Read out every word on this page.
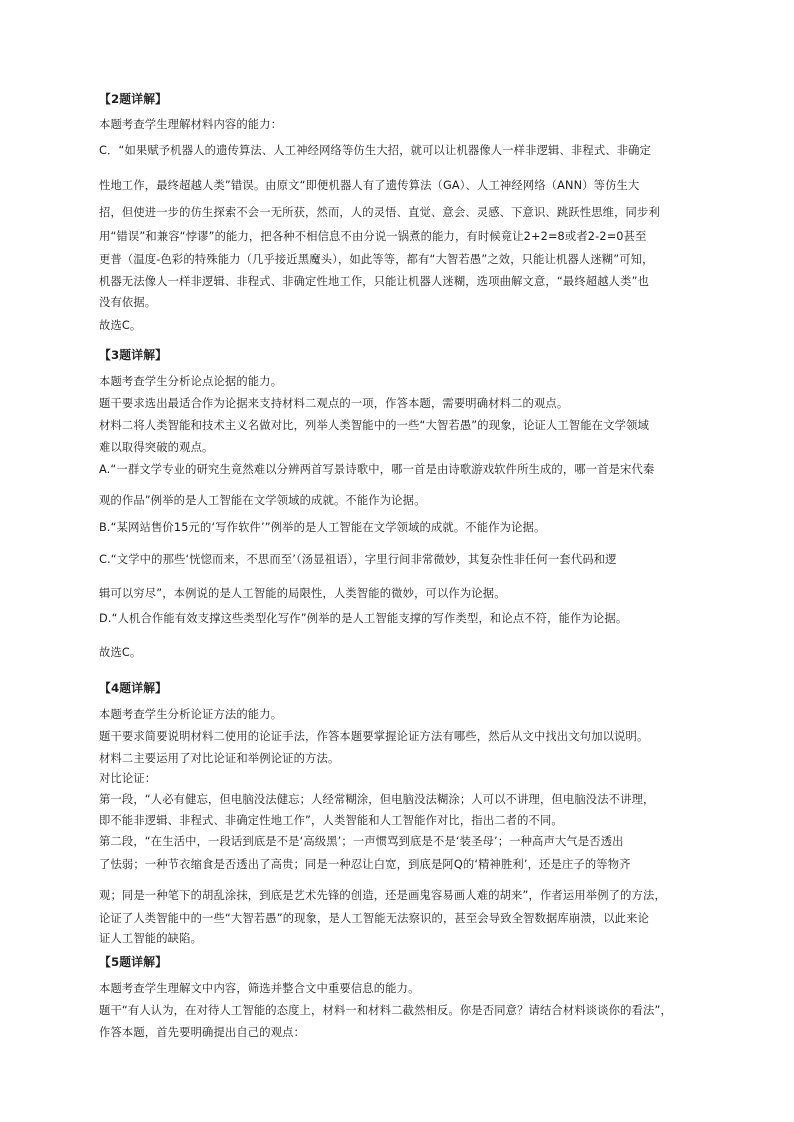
【2题详解】

本题考查学生理解材料内容的能力：

C．“如果赋予机器人的遗传算法、人工神经网络等仿生大招，就可以让机器像人一样非逻辑、非程式、非确定

性地工作，最终超越人类”错误。由原文“即便机器人有了遗传算法（GA）、人工神经网络（ANN）等仿生大

招，但使进一步的仿生探索不会一无所获，然而，人的灵悟、直觉、意会、灵感、下意识、跳跃性思维，同步利

用“错误”和兼容“悖谬”的能力，把各种不相信息不由分说一锅煮的能力，有时候竟让2+2=8或者2-2=0甚至

更普（温度-色彩的特殊能力（几乎接近黑魔头），如此等等，都有“大智若愚”之效，只能让机器人迷糊”可知，

机器无法像人一样非逻辑、非程式、非确定性地工作，只能让机器人迷糊，选项曲解文意，“最终超越人类”也

没有依据。

故选C。

【3题详解】

本题考查学生分析论点论据的能力。

题干要求选出最适合作为论据来支持材料二观点的一项，作答本题，需要明确材料二的观点。

材料二将人类智能和技术主义名做对比，列举人类智能中的一些“大智若愚”的现象，论证人工智能在文学领域

难以取得突破的观点。

A.“一群文学专业的研究生竟然难以分辨两首写景诗歌中，哪一首是由诗歌游戏软件所生成的，哪一首是宋代秦

观的作品”例举的是人工智能在文学领域的成就。不能作为论据。

B.“某网站售价15元的‘写作软件’”例举的是人工智能在文学领域的成就。不能作为论据。

C.“文学中的那些‘恍惚而来，不思而至’（汤显祖语），字里行间非常微妙，其复杂性非任何一套代码和逻

辑可以穷尽”，本例说的是人工智能的局限性，人类智能的微妙，可以作为论据。

D.“人机合作能有效支撑这些类型化写作”例举的是人工智能支撑的写作类型，和论点不符，能作为论据。

故选C。

【4题详解】

本题考查学生分析论证方法的能力。

题干要求简要说明材料二使用的论证手法，作答本题要掌握论证方法有哪些，然后从文中找出文句加以说明。

材料二主要运用了对比论证和举例论证的方法。

对比论证：

第一段，“人必有健忘，但电脑没法健忘；人经常糊涂，但电脑没法糊涂；人可以不讲理，但电脑没法不讲理，

即不能非逻辑、非程式、非确定性地工作”，人类智能和人工智能作对比，指出二者的不同。

第二段，“在生活中，一段话到底是不是‘高级黑’；一声惯骂到底是不是‘装圣母’；一种高声大气是否透出

了怯弱；一种节衣缩食是否透出了高贵；同是一种忍让白宽，到底是阿Q的‘精神胜利’，还是庄子的等物齐

观；同是一种笔下的胡乱涂抹，到底是艺术先锋的创造，还是画鬼容易画人难的胡来”，作者运用举例了的方法，

论证了人类智能中的一些“大智若愚”的现象，是人工智能无法察识的，甚至会导致全智数据库崩溃，以此来论

证人工智能的缺陷。

【5题详解】

本题考查学生理解文中内容，筛选并整合文中重要信息的能力。

题干“有人认为，在对待人工智能的态度上，材料一和材料二截然相反。你是否同意？请结合材料谈谈你的看法”，

作答本题，首先要明确提出自己的观点：
